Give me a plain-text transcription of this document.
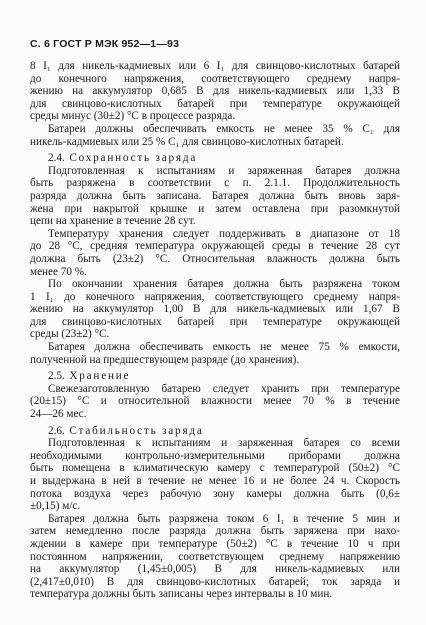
С. 6 ГОСТ Р МЭК 952—1—93

8 I₁ для никель-кадмиевых или 6 I₁ для свинцово-кислотных батарей

до конечного напряжения, соответствующего среднему напря-

жению на аккумулятор 0,685 В для никель-кадмиевых или 1,33 В

для свинцово-кислотных батарей при температуре окружающей

среды минус (30±2) °С в процессе разряда.

Батареи должны обеспечивать емкость не менее 35 % C₁ для

никель-кадмиевых или 25 % C₁ для свинцово-кислотных батарей.

2.4. Сохранность заряда

Подготовленная к испытаниям и заряженная батарея должна

быть разряжена в соответствии с п. 2.1.1. Продолжительность

разряда должна быть записана. Батарея должна быть вновь заря-

жена при накрытой крышке и затем оставлена при разомкнутой

цепи на хранение в течение 28 сут.

Температуру хранения следует поддерживать в диапазоне от 18

до 28 °С, средняя температура окружающей среды в течение 28 сут

должна быть (23±2) °С. Относительная влажность должна быть

менее 70 %.

По окончании хранения батарея должна быть разряжена током

1 I₁ до конечного напряжения, соответствующего среднему напря-

жению на аккумулятор 1,00 В для никель-кадмиевых или 1,67 В

для свинцово-кислотных батарей при температуре окружающей

среды (23±2) °С.

Батарея должна обеспечивать емкость не менее 75 % емкости,

полученной на предшествующем разряде (до хранения).

2.5. Хранение

Свежезаготовленную батарею следует хранить при температуре

(20±15) °С и относительной влажности менее 70 % в течение

24—26 мес.

2.6. Стабильность заряда

Подготовленная к испытаниям и заряженная батарея со всеми

необходимыми контрольно-измерительными приборами должна

быть помещена в климатическую камеру с температурой (50±2) °С

и выдержана в ней в течение не менее 16 и не более 24 ч. Скорость

потока воздуха через рабочую зону камеры должна быть (0,6±

±0,15) м/с.

Батарея должна быть разряжена током 6 I₁ в течение 5 мин и

затем немедленно после разряда должна быть заряжена при нахо-

ждении в камере при температуре (50±2) °С в течение 10 ч при

постоянном напряжении, соответствующем среднему напряжению

на аккумулятор (1,45±0,005) В для никель-кадмиевых или

(2,417±0,010) В для свинцово-кислотных батарей; ток заряда и

температура должны быть записаны через интервалы в 10 мин.
